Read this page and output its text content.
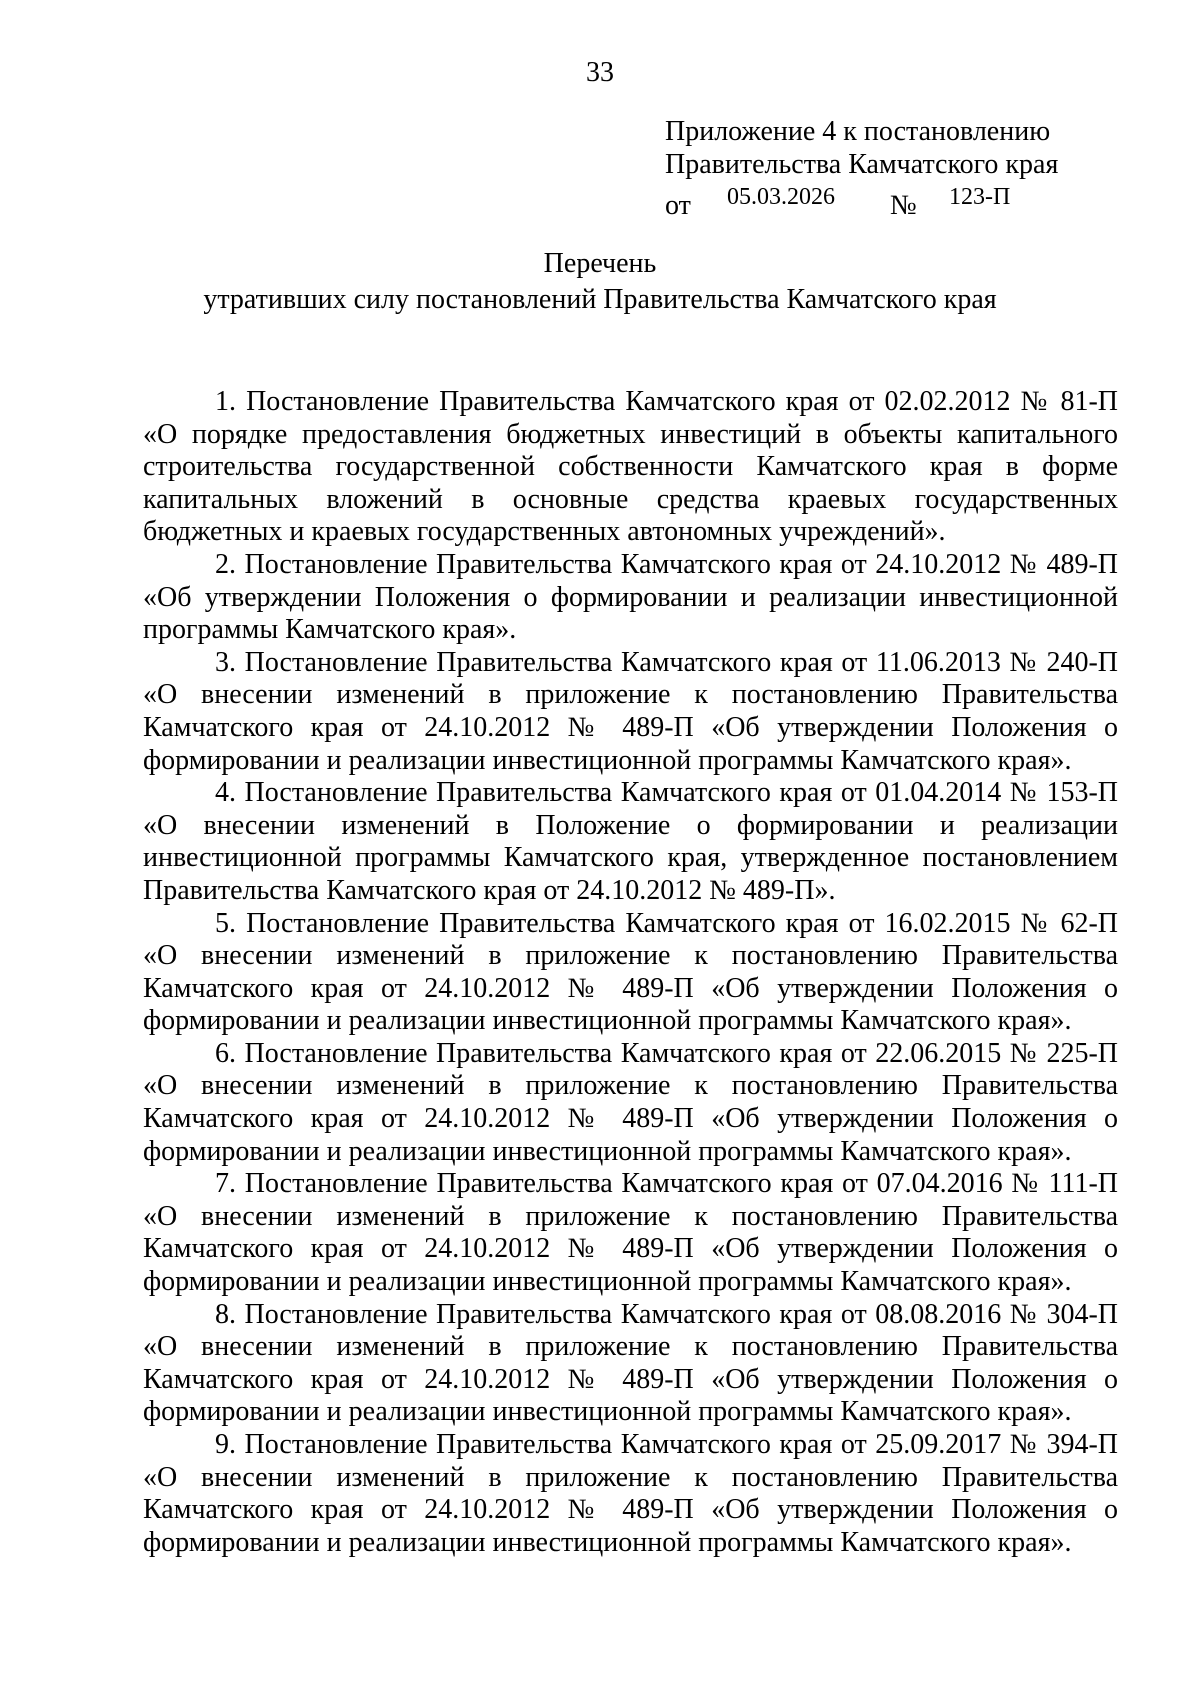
33
Приложение 4 к постановлению
Правительства Камчатского края
от 05.03.2026 № 123-П
Перечень
утративших силу постановлений Правительства Камчатского края

1. Постановление Правительства Камчатского края от 02.02.2012 № 81-П «О порядке предоставления бюджетных инвестиций в объекты капитального строительства государственной собственности Камчатского края в форме капитальных вложений в основные средства краевых государственных бюджетных и краевых государственных автономных учреждений».

2. Постановление Правительства Камчатского края от 24.10.2012 № 489-П «Об утверждении Положения о формировании и реализации инвестиционной программы Камчатского края».

3. Постановление Правительства Камчатского края от 11.06.2013 № 240-П «О внесении изменений в приложение к постановлению Правительства Камчатского края от 24.10.2012 № 489-П «Об утверждении Положения о формировании и реализации инвестиционной программы Камчатского края».

4. Постановление Правительства Камчатского края от 01.04.2014 № 153-П «О внесении изменений в Положение о формировании и реализации инвестиционной программы Камчатского края, утвержденное постановлением Правительства Камчатского края от 24.10.2012 № 489-П».

5. Постановление Правительства Камчатского края от 16.02.2015 № 62-П «О внесении изменений в приложение к постановлению Правительства Камчатского края от 24.10.2012 № 489-П «Об утверждении Положения о формировании и реализации инвестиционной программы Камчатского края».

6. Постановление Правительства Камчатского края от 22.06.2015 № 225-П «О внесении изменений в приложение к постановлению Правительства Камчатского края от 24.10.2012 № 489-П «Об утверждении Положения о формировании и реализации инвестиционной программы Камчатского края».

7. Постановление Правительства Камчатского края от 07.04.2016 № 111-П «О внесении изменений в приложение к постановлению Правительства Камчатского края от 24.10.2012 № 489-П «Об утверждении Положения о формировании и реализации инвестиционной программы Камчатского края».

8. Постановление Правительства Камчатского края от 08.08.2016 № 304-П «О внесении изменений в приложение к постановлению Правительства Камчатского края от 24.10.2012 № 489-П «Об утверждении Положения о формировании и реализации инвестиционной программы Камчатского края».

9. Постановление Правительства Камчатского края от 25.09.2017 № 394-П «О внесении изменений в приложение к постановлению Правительства Камчатского края от 24.10.2012 № 489-П «Об утверждении Положения о формировании и реализации инвестиционной программы Камчатского края».
